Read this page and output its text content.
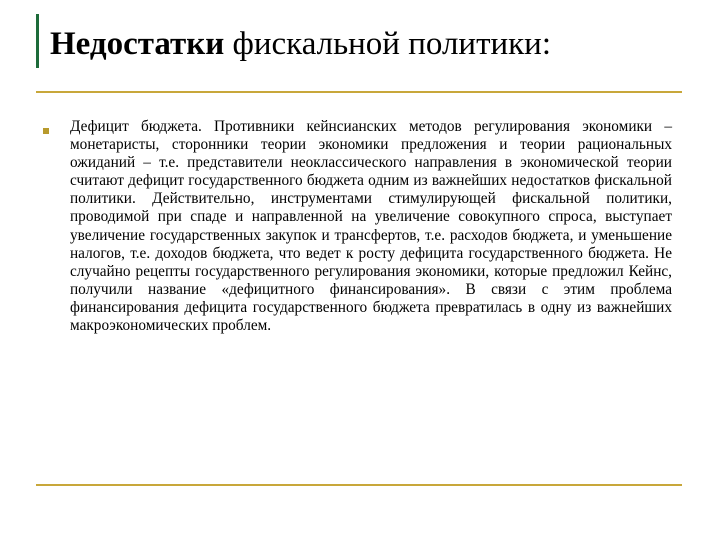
Недостатки фискальной политики:
Дефицит бюджета. Противники кейнсианских методов регулирования экономики – монетаристы, сторонники теории экономики предложения и теории рациональных ожиданий – т.е. представители неоклассического направления в экономической теории считают дефицит государственного бюджета одним из важнейших недостатков фискальной политики. Действительно, инструментами стимулирующей фискальной политики, проводимой при спаде и направленной на увеличение совокупного спроса, выступает увеличение государственных закупок и трансфертов, т.е. расходов бюджета, и уменьшение налогов, т.е. доходов бюджета, что ведет к росту дефицита государственного бюджета. Не случайно рецепты государственного регулирования экономики, которые предложил Кейнс, получили название «дефицитного финансирования». В связи с этим проблема финансирования дефицита государственного бюджета превратилась в одну из важнейших макроэкономических проблем.
